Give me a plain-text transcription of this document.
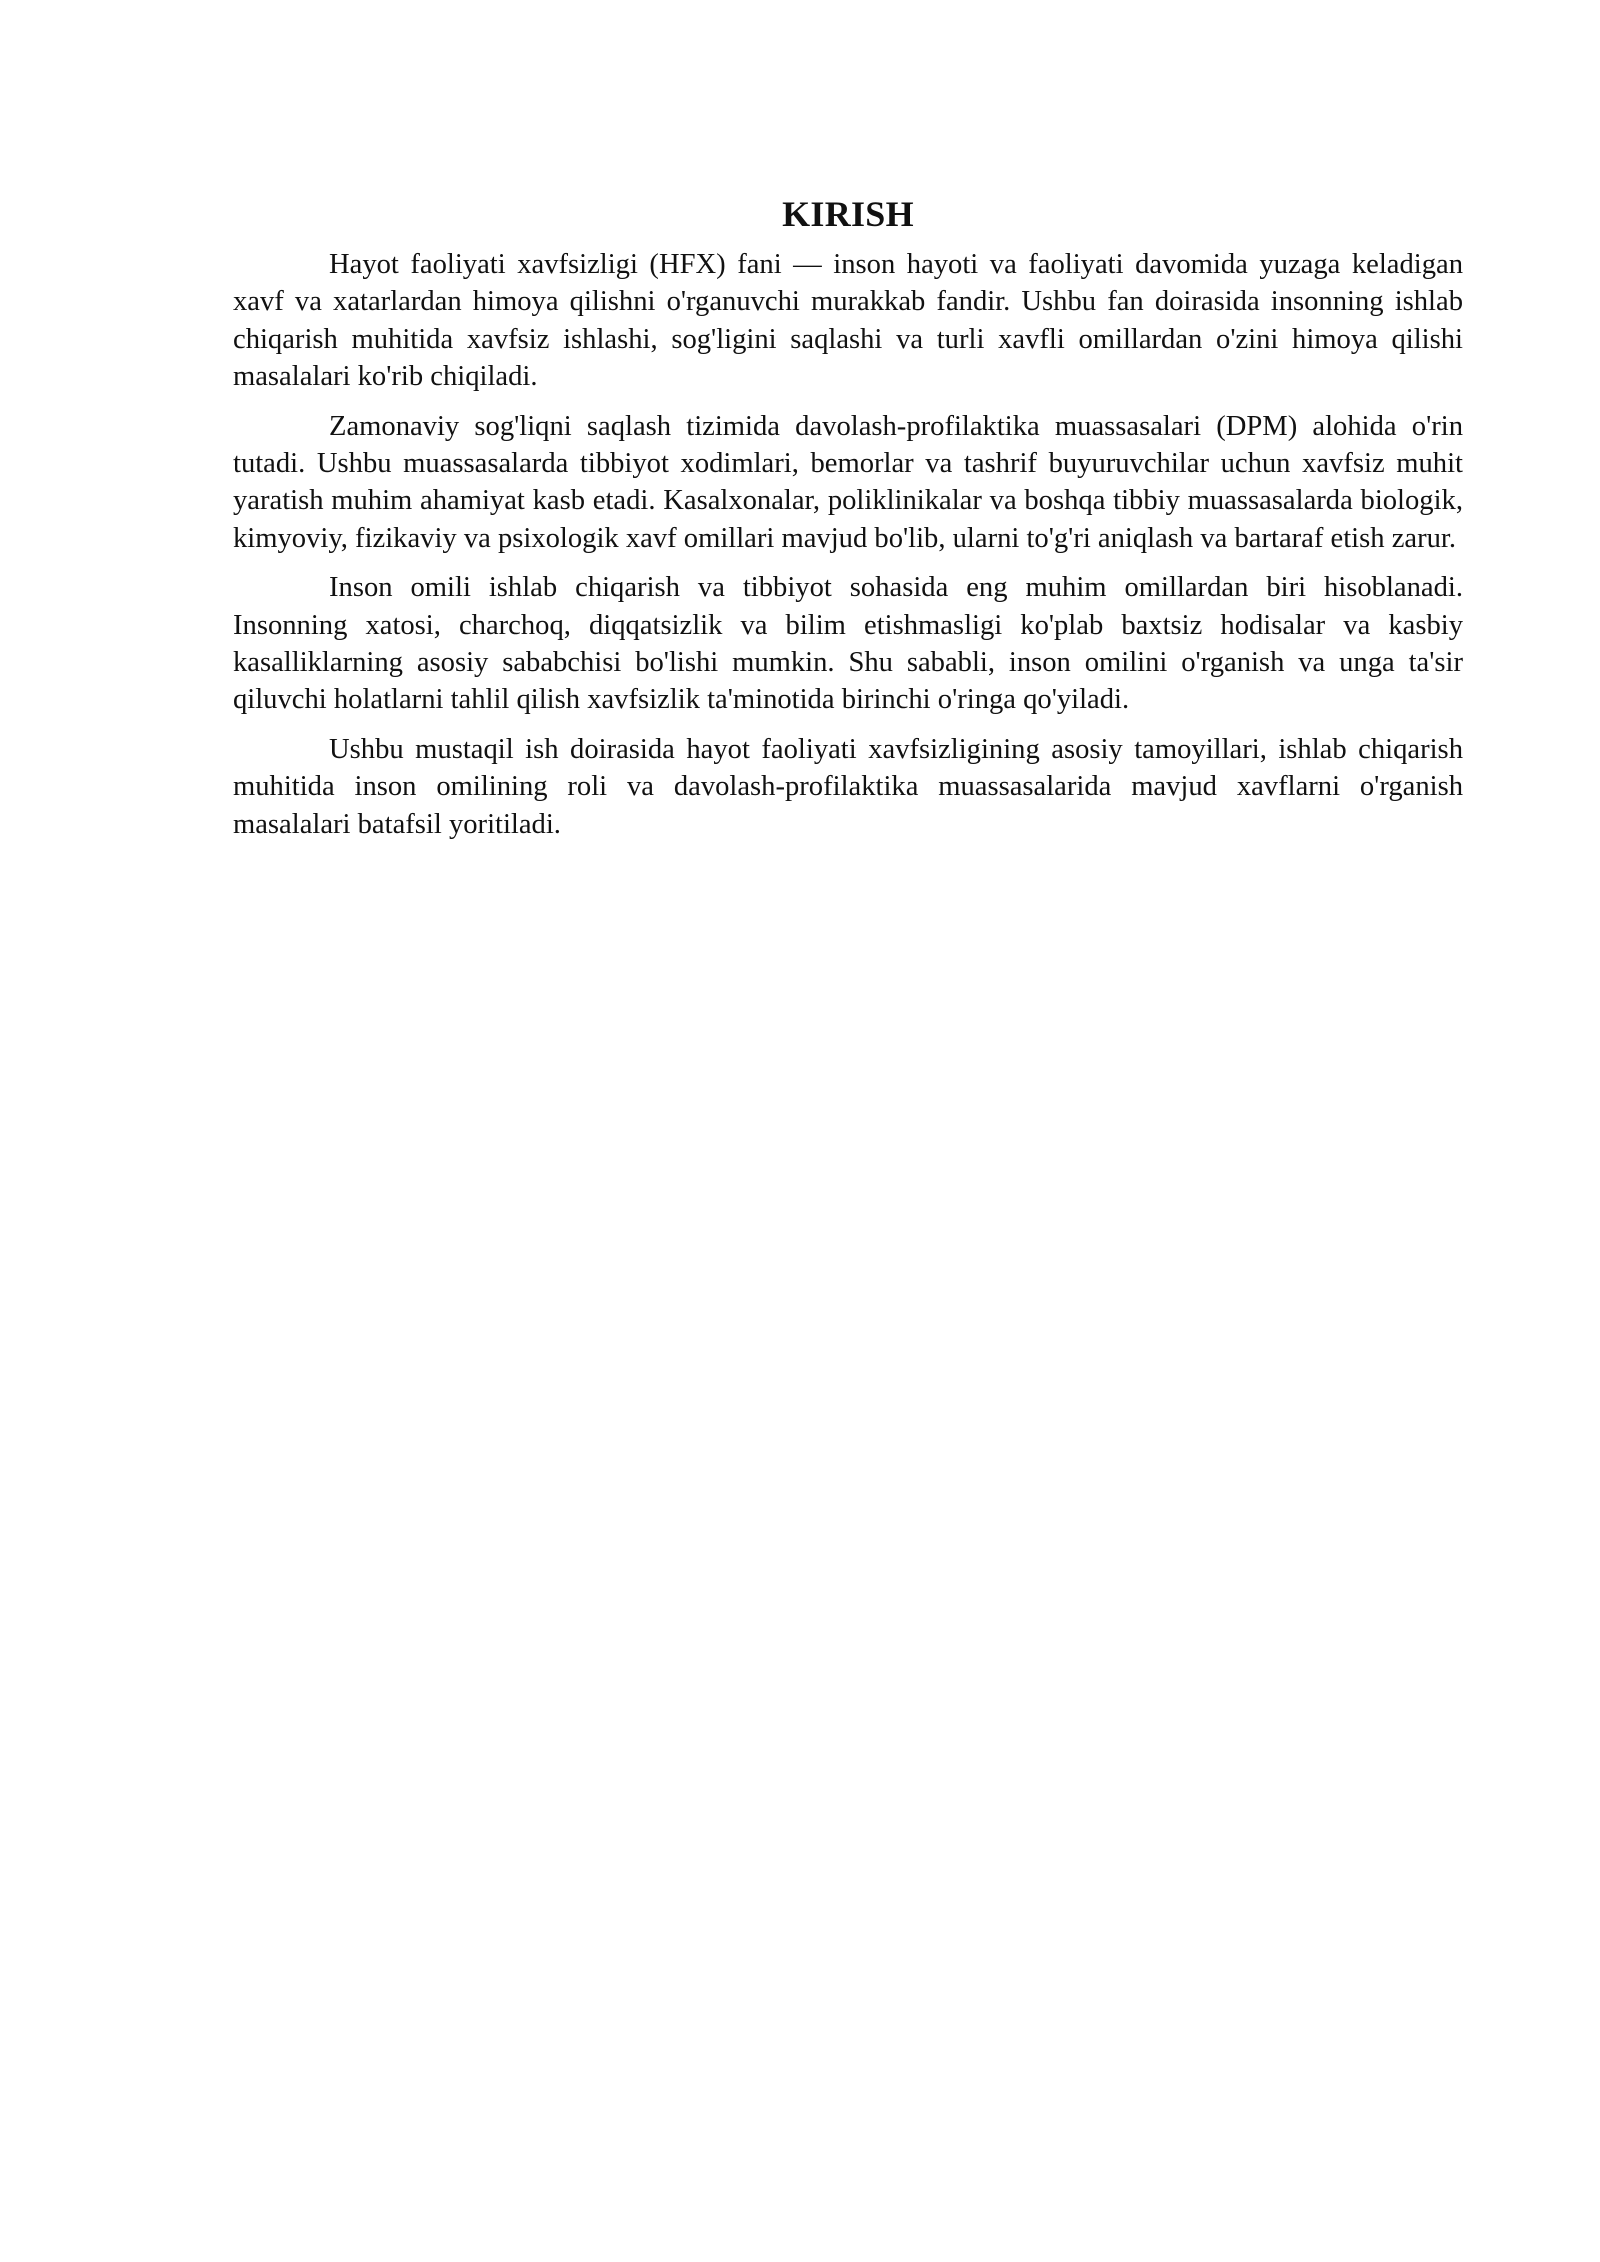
KIRISH

Hayot faoliyati xavfsizligi (HFX) fani — inson hayoti va faoliyati davomida yuzaga keladigan xavf va xatarlardan himoya qilishni o'rganuvchi murakkab fandir. Ushbu fan doirasida insonning ishlab chiqarish muhitida xavfsiz ishlashi, sog'ligini saqlashi va turli xavfli omillardan o'zini himoya qilishi masalalari ko'rib chiqiladi.

Zamonaviy sog'liqni saqlash tizimida davolash-profilaktika muassasalari (DPM) alohida o'rin tutadi. Ushbu muassasalarda tibbiyot xodimlari, bemorlar va tashrif buyuruvchilar uchun xavfsiz muhit yaratish muhim ahamiyat kasb etadi. Kasalxonalar, poliklinikalar va boshqa tibbiy muassasalarda biologik, kimyoviy, fizikaviy va psixologik xavf omillari mavjud bo'lib, ularni to'g'ri aniqlash va bartaraf etish zarur.

Inson omili ishlab chiqarish va tibbiyot sohasida eng muhim omillardan biri hisoblanadi. Insonning xatosi, charchoq, diqqatsizlik va bilim etishmasligi ko'plab baxtsiz hodisalar va kasbiy kasalliklarning asosiy sababchisi bo'lishi mumkin. Shu sababli, inson omilini o'rganish va unga ta'sir qiluvchi holatlarni tahlil qilish xavfsizlik ta'minotida birinchi o'ringa qo'yiladi.

Ushbu mustaqil ish doirasida hayot faoliyati xavfsizligining asosiy tamoyillari, ishlab chiqarish muhitida inson omilining roli va davolash-profilaktika muassasalarida mavjud xavflarni o'rganish masalalari batafsil yoritiladi.
